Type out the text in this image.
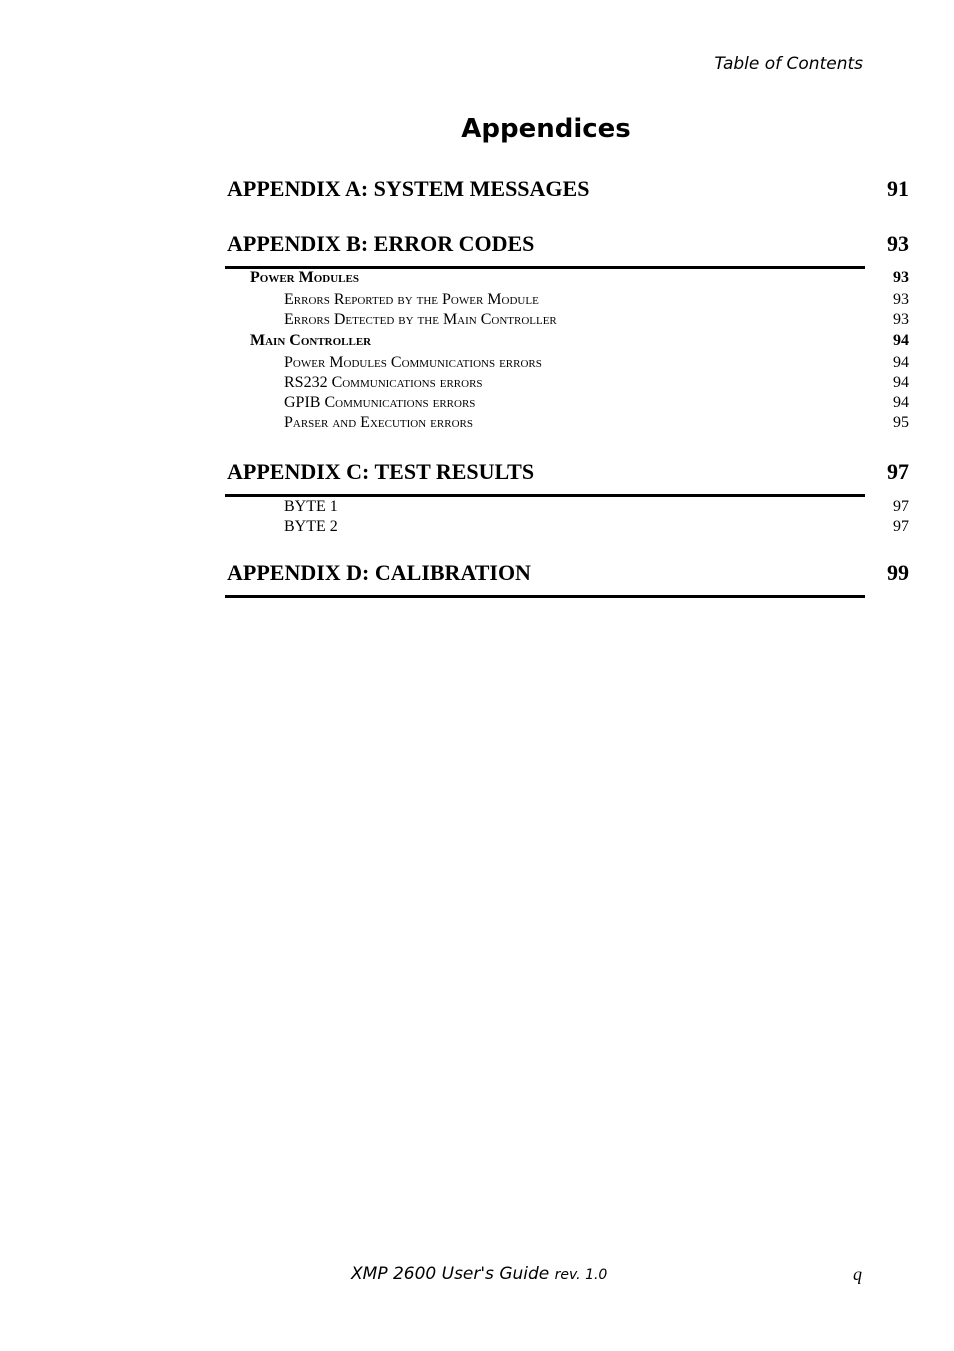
Table of Contents
Appendices
APPENDIX A: SYSTEM MESSAGES	91
APPENDIX B: ERROR CODES	93
Power Modules	93
Errors Reported by the Power Module	93
Errors Detected by the Main Controller	93
Main Controller	94
Power Modules Communications errors	94
RS232 Communications errors	94
GPIB Communications errors	94
Parser and Execution errors	95
APPENDIX C: TEST RESULTS	97
BYTE 1	97
BYTE 2	97
APPENDIX D: CALIBRATION	99
XMP 2600 User's Guide rev. 1.0	q
